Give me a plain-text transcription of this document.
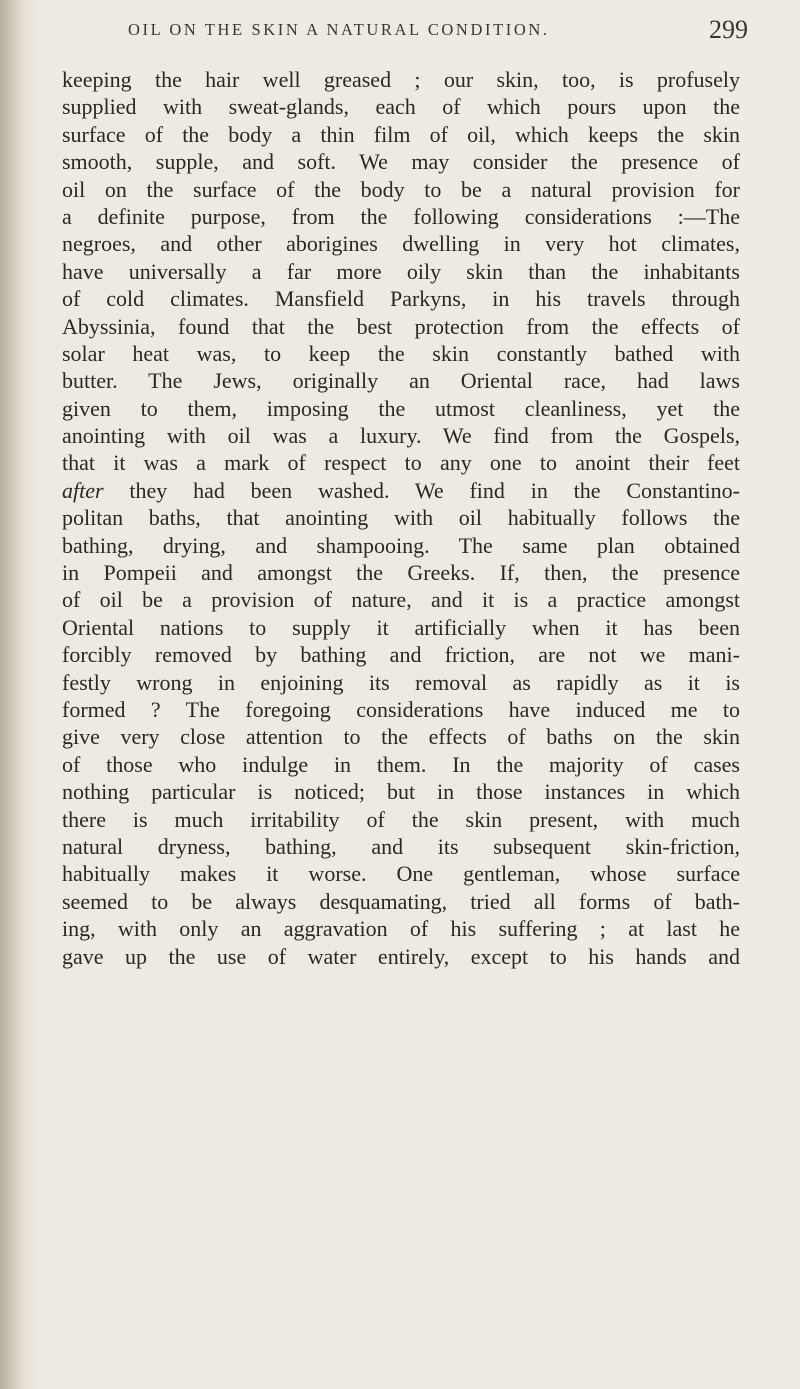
OIL ON THE SKIN A NATURAL CONDITION.	299
keeping the hair well greased ; our skin, too, is profusely
supplied with sweat-glands, each of which pours upon the
surface of the body a thin film of oil, which keeps the skin
smooth, supple, and soft. We may consider the presence of
oil on the surface of the body to be a natural provision for
a definite purpose, from the following considerations :—The
negroes, and other aborigines dwelling in very hot climates,
have universally a far more oily skin than the inhabitants
of cold climates. Mansfield Parkyns, in his travels through
Abyssinia, found that the best protection from the effects of
solar heat was, to keep the skin constantly bathed with
butter. The Jews, originally an Oriental race, had laws
given to them, imposing the utmost cleanliness, yet the
anointing with oil was a luxury. We find from the Gospels,
that it was a mark of respect to any one to anoint their feet
after they had been washed. We find in the Constantino-
politan baths, that anointing with oil habitually follows the
bathing, drying, and shampooing. The same plan obtained
in Pompeii and amongst the Greeks. If, then, the presence
of oil be a provision of nature, and it is a practice amongst
Oriental nations to supply it artificially when it has been
forcibly removed by bathing and friction, are not we mani-
festly wrong in enjoining its removal as rapidly as it is
formed ? The foregoing considerations have induced me to
give very close attention to the effects of baths on the skin
of those who indulge in them. In the majority of cases
nothing particular is noticed; but in those instances in which
there is much irritability of the skin present, with much
natural dryness, bathing, and its subsequent skin-friction,
habitually makes it worse. One gentleman, whose surface
seemed to be always desquamating, tried all forms of bath-
ing, with only an aggravation of his suffering ; at last he
gave up the use of water entirely, except to his hands and
